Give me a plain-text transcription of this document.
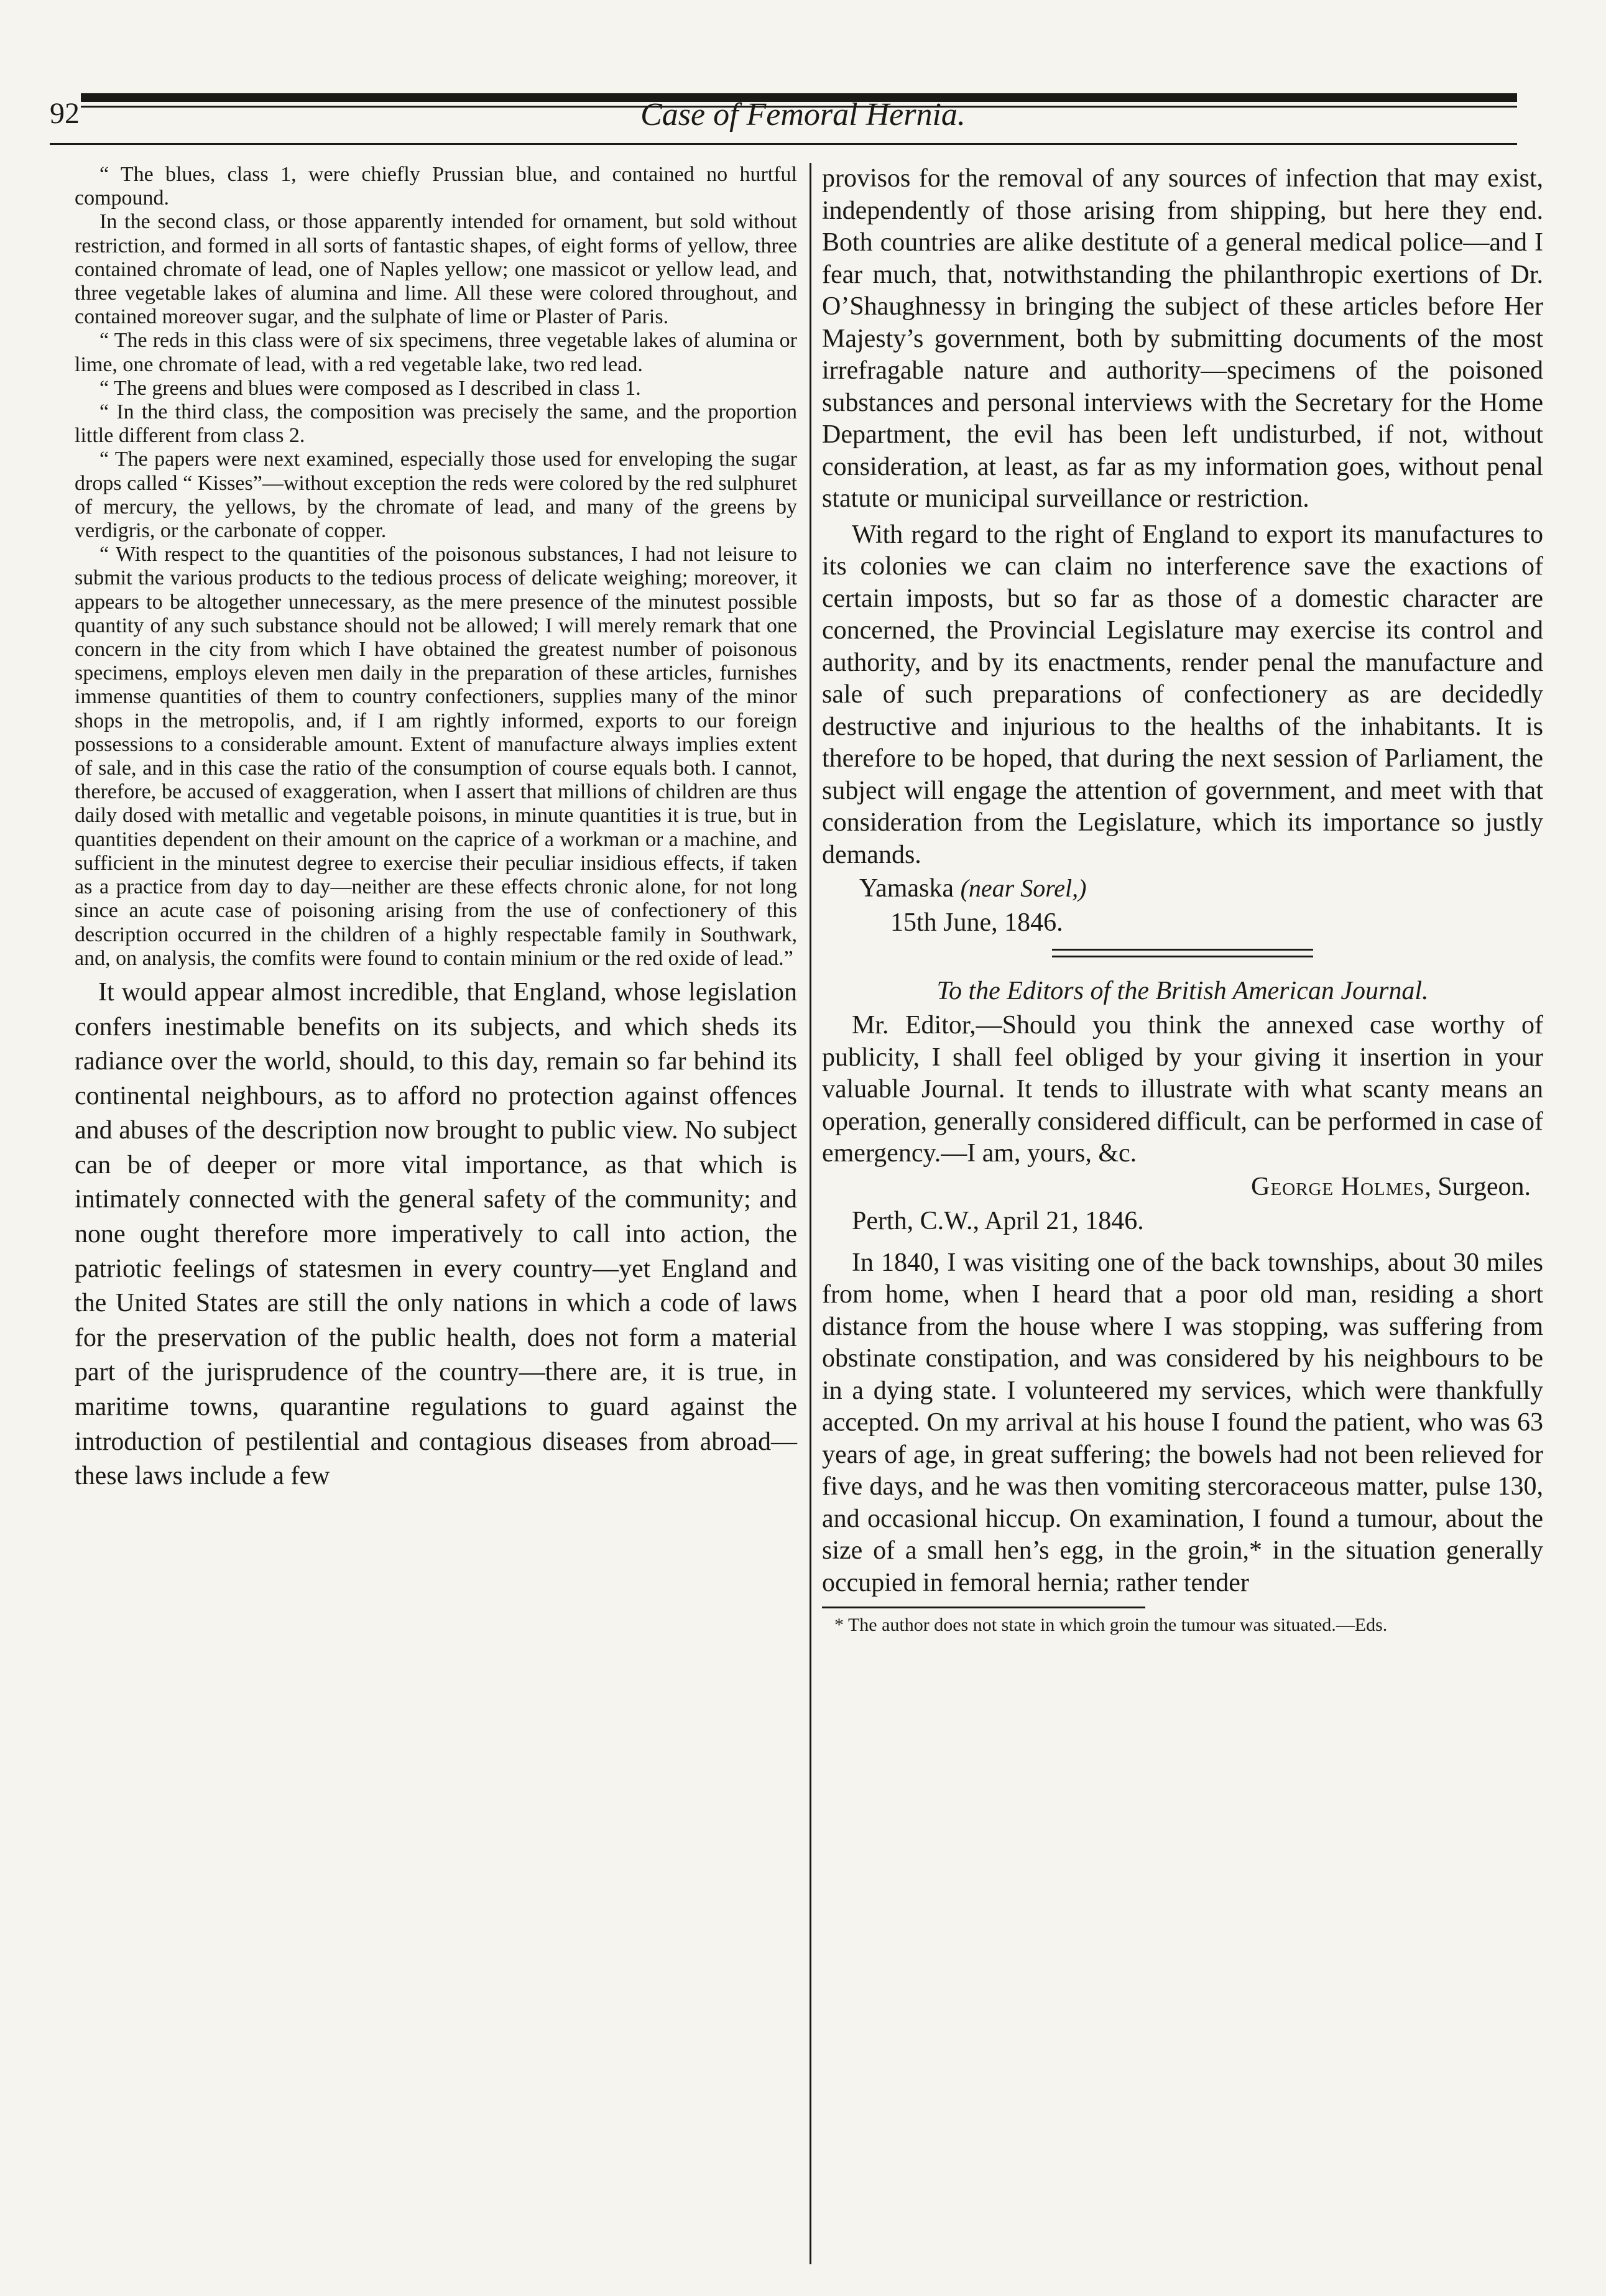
92	Case of Femoral Hernia.

“ The blues, class 1, were chiefly Prussian blue, and contained no hurtful compound.

In the second class, or those apparently intended for ornament, but sold without restriction, and formed in all sorts of fantastic shapes, of eight forms of yellow, three contained chromate of lead, one of Naples yellow; one massicot or yellow lead, and three vegetable lakes of alumina and lime. All these were colored throughout, and contained moreover sugar, and the sulphate of lime or Plaster of Paris.

“ The reds in this class were of six specimens, three vegetable lakes of alumina or lime, one chromate of lead, with a red vegetable lake, two red lead.

“ The greens and blues were composed as I described in class 1.

“ In the third class, the composition was precisely the same, and the proportion little different from class 2.

“ The papers were next examined, especially those used for enveloping the sugar drops called “ Kisses”—without exception the reds were colored by the red sulphuret of mercury, the yellows, by the chromate of lead, and many of the greens by verdigris, or the carbonate of copper.

“ With respect to the quantities of the poisonous substances, I had not leisure to submit the various products to the tedious process of delicate weighing; moreover, it appears to be altogether unnecessary, as the mere presence of the minutest possible quantity of any such substance should not be allowed; I will merely remark that one concern in the city from which I have obtained the greatest number of poisonous specimens, employs eleven men daily in the preparation of these articles, furnishes immense quantities of them to country confectioners, supplies many of the minor shops in the metropolis, and, if I am rightly informed, exports to our foreign possessions to a considerable amount. Extent of manufacture always implies extent of sale, and in this case the ratio of the consumption of course equals both. I cannot, therefore, be accused of exaggeration, when I assert that millions of children are thus daily dosed with metallic and vegetable poisons, in minute quantities it is true, but in quantities dependent on their amount on the caprice of a workman or a machine, and sufficient in the minutest degree to exercise their peculiar insidious effects, if taken as a practice from day to day—neither are these effects chronic alone, for not long since an acute case of poisoning arising from the use of confectionery of this description occurred in the children of a highly respectable family in Southwark, and, on analysis, the comfits were found to contain minium or the red oxide of lead.”

It would appear almost incredible, that England, whose legislation confers inestimable benefits on its subjects, and which sheds its radiance over the world, should, to this day, remain so far behind its continental neighbours, as to afford no protection against offences and abuses of the description now brought to public view. No subject can be of deeper or more vital importance, as that which is intimately connected with the general safety of the community; and none ought therefore more imperatively to call into action, the patriotic feelings of statesmen in every country—yet England and the United States are still the only nations in which a code of laws for the preservation of the public health, does not form a material part of the jurisprudence of the country—there are, it is true, in maritime towns, quarantine regulations to guard against the introduction of pestilential and contagious diseases from abroad—these laws include a few

provisos for the removal of any sources of infection that may exist, independently of those arising from shipping, but here they end. Both countries are alike destitute of a general medical police—and I fear much, that, notwithstanding the philanthropic exertions of Dr. O’Shaughnessy in bringing the subject of these articles before Her Majesty’s government, both by submitting documents of the most irrefragable nature and authority—specimens of the poisoned substances and personal interviews with the Secretary for the Home Department, the evil has been left undisturbed, if not, without consideration, at least, as far as my information goes, without penal statute or municipal surveillance or restriction.

With regard to the right of England to export its manufactures to its colonies we can claim no interference save the exactions of certain imposts, but so far as those of a domestic character are concerned, the Provincial Legislature may exercise its control and authority, and by its enactments, render penal the manufacture and sale of such preparations of confectionery as are decidedly destructive and injurious to the healths of the inhabitants. It is therefore to be hoped, that during the next session of Parliament, the subject will engage the attention of government, and meet with that consideration from the Legislature, which its importance so justly demands.

Yamaska (near Sorel,)
15th June, 1846.
To the Editors of the British American Journal.

Mr. Editor,—Should you think the annexed case worthy of publicity, I shall feel obliged by your giving it insertion in your valuable Journal. It tends to illustrate with what scanty means an operation, generally considered difficult, can be performed in case of emergency.—I am, yours, &c.

George Holmes, Surgeon.
Perth, C.W., April 21, 1846.

In 1840, I was visiting one of the back townships, about 30 miles from home, when I heard that a poor old man, residing a short distance from the house where I was stopping, was suffering from obstinate constipation, and was considered by his neighbours to be in a dying state. I volunteered my services, which were thankfully accepted. On my arrival at his house I found the patient, who was 63 years of age, in great suffering; the bowels had not been relieved for five days, and he was then vomiting stercoraceous matter, pulse 130, and occasional hiccup. On examination, I found a tumour, about the size of a small hen’s egg, in the groin,* in the situation generally occupied in femoral hernia; rather tender

* The author does not state in which groin the tumour was situated.—Eds.
